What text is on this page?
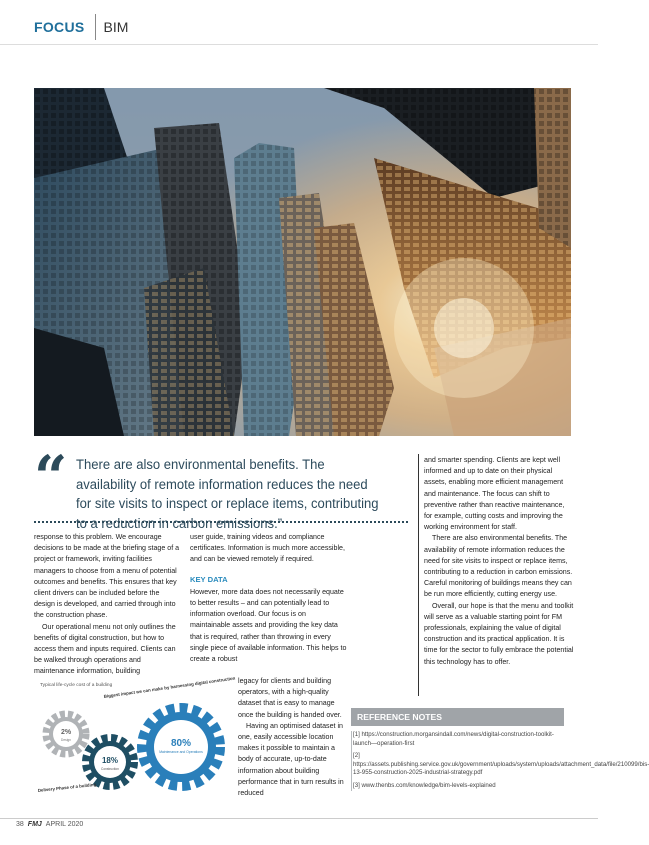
FOCUS BIM
“ There are also environmental benefits. The availability of remote information reduces the need for site visits to inspect or replace items, contributing to a reduction in carbon emissions.”

response to this problem. We encourage decisions to be made at the briefing stage of a project or framework, inviting facilities managers to choose from a menu of potential outcomes and benefits. This ensures that key client drivers can be included before the design is developed, and carried through into the construction phase.

Our operational menu not only outlines the benefits of digital construction, but how to access them and inputs required. Clients can be walked through operations and maintenance information, building

user guide, training videos and compliance certificates. Information is much more accessible, and can be viewed remotely if required.

KEY DATA

However, more data does not necessarily equate to better results – and can potentially lead to information overload. Our focus is on maintainable assets and providing the key data that is required, rather than throwing in every single piece of available information. This helps to create a robust

legacy for clients and building operators, with a high-quality dataset that is easy to manage once the building is handed over.

Having an optimised dataset in one, easily accessible location makes it possible to maintain a body of accurate, up-to-date information about building performance that in turn results in reduced

and smarter spending. Clients are kept well informed and up to date on their physical assets, enabling more efficient management and maintenance. The focus can shift to preventive rather than reactive maintenance, for example, cutting costs and improving the working environment for staff.

There are also environmental benefits. The availability of remote information reduces the need for site visits to inspect or replace items, contributing to a reduction in carbon emissions. Careful monitoring of buildings means they can be run more efficiently, cutting energy use.

Overall, our hope is that the menu and toolkit will serve as a valuable starting point for FM professionals, explaining the value of digital construction and its practical application. It is time for the sector to fully embrace the potential this technology has to offer.

Typical life-cycle cost of a building
2%
Design
18%
Construction
80%
Maintenance and Operations
Biggest impact we can make by harnessing digital construction
Delivery Phase of a building
REFERENCE NOTES

[1] https://construction.morgansindall.com/news/digital-construction-toolkit-launch—operation-first

[2] https://assets.publishing.service.gov.uk/government/uploads/system/uploads/attachment_data/file/210099/bis-13-955-construction-2025-industrial-strategy.pdf

[3] www.thenbs.com/knowledge/bim-levels-explained

38 FMJ APRIL 2020
